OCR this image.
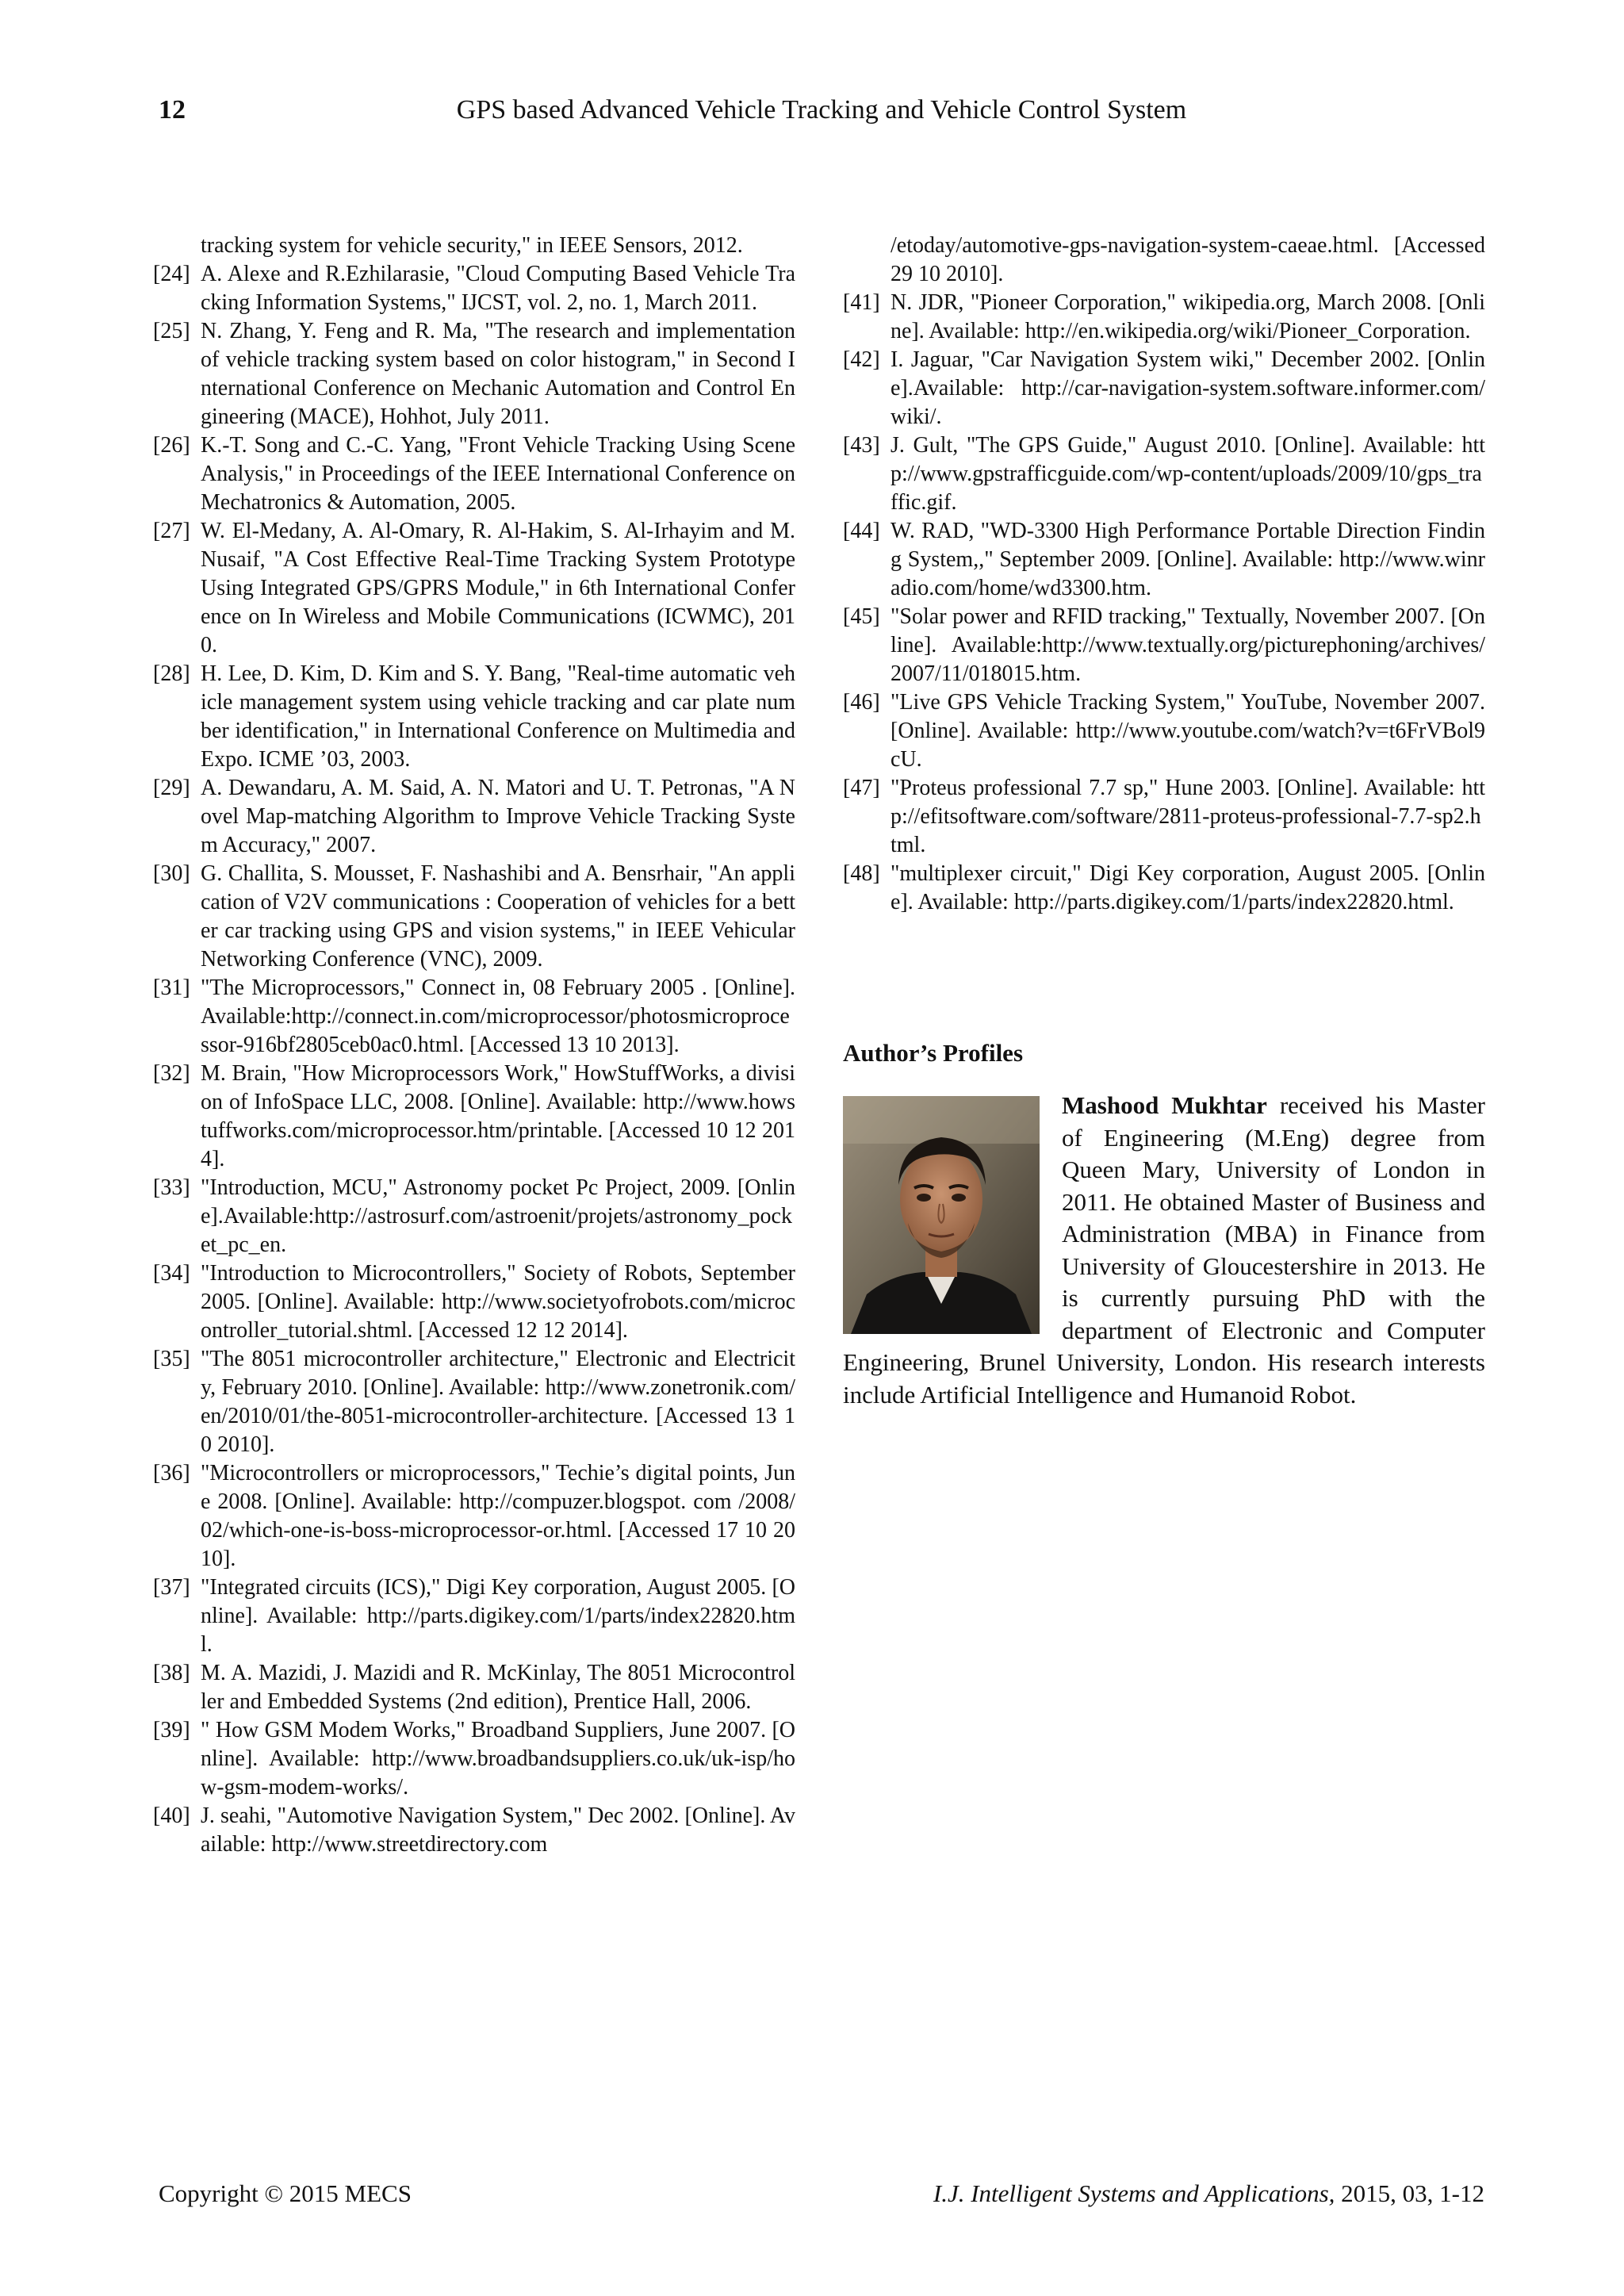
12	GPS based Advanced Vehicle Tracking and Vehicle Control System
tracking system for vehicle security," in IEEE Sensors, 2012.
[24] A. Alexe and R.Ezhilarasie, "Cloud Computing Based Vehicle Tracking Information Systems," IJCST, vol. 2, no. 1, March 2011.
[25] N. Zhang, Y. Feng and R. Ma, "The research and implementation of vehicle tracking system based on color histogram," in Second International Conference on Mechanic Automation and Control Engineering (MACE), Hohhot, July 2011.
[26] K.-T. Song and C.-C. Yang, "Front Vehicle Tracking Using Scene Analysis," in Proceedings of the IEEE International Conference on Mechatronics & Automation, 2005.
[27] W. El-Medany, A. Al-Omary, R. Al-Hakim, S. Al-Irhayim and M. Nusaif, "A Cost Effective Real-Time Tracking System Prototype Using Integrated GPS/GPRS Module," in 6th International Conference on In Wireless and Mobile Communications (ICWMC), 2010.
[28] H. Lee, D. Kim, D. Kim and S. Y. Bang, "Real-time automatic vehicle management system using vehicle tracking and car plate number identification," in International Conference on Multimedia and Expo. ICME ’03, 2003.
[29] A. Dewandaru, A. M. Said, A. N. Matori and U. T. Petronas, "A Novel Map-matching Algorithm to Improve Vehicle Tracking System Accuracy," 2007.
[30] G. Challita, S. Mousset, F. Nashashibi and A. Bensrhair, "An application of V2V communications : Cooperation of vehicles for a better car tracking using GPS and vision systems," in IEEE Vehicular Networking Conference (VNC), 2009.
[31] "The Microprocessors," Connect in, 08 February 2005 . [Online].Available:http://connect.in.com/microprocessor/photosmicroprocessor-916bf2805ceb0ac0.html. [Accessed 13 10 2013].
[32] M. Brain, "How Microprocessors Work," HowStuffWorks, a division of InfoSpace LLC, 2008. [Online]. Available: http://www.howstuffworks.com/microprocessor.htm/printable. [Accessed 10 12 2014].
[33] "Introduction, MCU," Astronomy pocket Pc Project, 2009. [Online].Available:http://astrosurf.com/astroenit/projets/astronomy_pocket_pc_en.
[34] "Introduction to Microcontrollers," Society of Robots, September 2005. [Online]. Available: http://www.societyofrobots.com/microcontroller_tutorial.shtml. [Accessed 12 12 2014].
[35] "The 8051 microcontroller architecture," Electronic and Electricity, February 2010. [Online]. Available: http://www.zonetronik.com/en/2010/01/the-8051-microcontroller-architecture. [Accessed 13 10 2010].
[36] "Microcontrollers or microprocessors," Techie’s digital points, June 2008. [Online]. Available: http://compuzer.blogspot. com /2008/02/which-one-is-boss-microprocessor-or.html. [Accessed 17 10 2010].
[37] "Integrated circuits (ICS)," Digi Key corporation, August 2005. [Online]. Available: http://parts.digikey.com/1/parts/index22820.html.
[38] M. A. Mazidi, J. Mazidi and R. McKinlay, The 8051 Microcontroller and Embedded Systems (2nd edition), Prentice Hall, 2006.
[39] " How GSM Modem Works," Broadband Suppliers, June 2007. [Online]. Available: http://www.broadbandsuppliers.co.uk/uk-isp/how-gsm-modem-works/.
[40] J. seahi, "Automotive Navigation System," Dec 2002. [Online]. Available: http://www.streetdirectory.com
/etoday/automotive-gps-navigation-system-caeae.html. [Accessed 29 10 2010].
[41] N. JDR, "Pioneer Corporation," wikipedia.org, March 2008. [Online]. Available: http://en.wikipedia.org/wiki/Pioneer_Corporation.
[42] I. Jaguar, "Car Navigation System wiki," December 2002. [Online].Available: http://car-navigation-system.software.informer.com/wiki/.
[43] J. Gult, "The GPS Guide," August 2010. [Online]. Available: http://www.gpstrafficguide.com/wp-content/uploads/2009/10/gps_traffic.gif.
[44] W. RAD, "WD-3300 High Performance Portable Direction Finding System,," September 2009. [Online]. Available: http://www.winradio.com/home/wd3300.htm.
[45] "Solar power and RFID tracking," Textually, November 2007. [Online]. Available:http://www.textually.org/picturephoning/archives/2007/11/018015.htm.
[46] "Live GPS Vehicle Tracking System," YouTube, November 2007. [Online]. Available: http://www.youtube.com/watch?v=t6FrVBol9cU.
[47] "Proteus professional 7.7 sp," Hune 2003. [Online]. Available: http://efitsoftware.com/software/2811-proteus-professional-7.7-sp2.html.
[48] "multiplexer circuit," Digi Key corporation, August 2005. [Online]. Available: http://parts.digikey.com/1/parts/index22820.html.
Author’s Profiles
Mashood Mukhtar received his Master of Engineering (M.Eng) degree from Queen Mary, University of London in 2011. He obtained Master of Business and Administration (MBA) in Finance from University of Gloucestershire in 2013. He is currently pursuing PhD with the department of Electronic and Computer Engineering, Brunel University, London. His research interests include Artificial Intelligence and Humanoid Robot.
Copyright © 2015 MECS	I.J. Intelligent Systems and Applications, 2015, 03, 1-12
